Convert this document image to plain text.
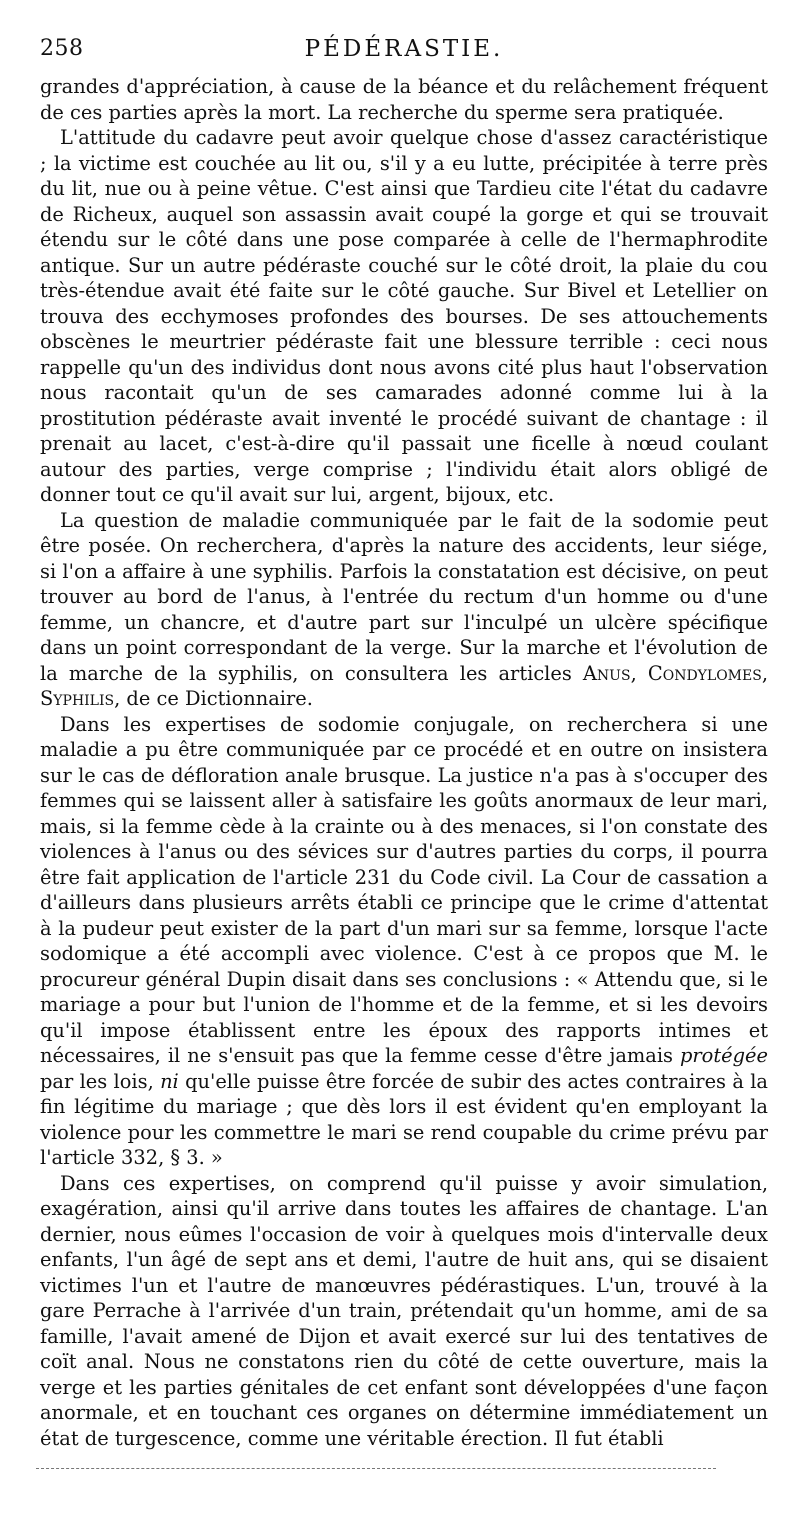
258	PÉDÉRASTIE.

grandes d'appréciation, à cause de la béance et du relâchement fréquent de ces parties après la mort. La recherche du sperme sera pratiquée.

L'attitude du cadavre peut avoir quelque chose d'assez caractéristique ; la victime est couchée au lit ou, s'il y a eu lutte, précipitée à terre près du lit, nue ou à peine vêtue. C'est ainsi que Tardieu cite l'état du cadavre de Richeux, auquel son assassin avait coupé la gorge et qui se trouvait étendu sur le côté dans une pose comparée à celle de l'hermaphrodite antique. Sur un autre pédéraste couché sur le côté droit, la plaie du cou très-étendue avait été faite sur le côté gauche. Sur Bivel et Letellier on trouva des ecchymoses profondes des bourses. De ses attouchements obscènes le meurtrier pédéraste fait une blessure terrible : ceci nous rappelle qu'un des individus dont nous avons cité plus haut l'observation nous racontait qu'un de ses camarades adonné comme lui à la prostitution pédéraste avait inventé le procédé suivant de chantage : il prenait au lacet, c'est-à-dire qu'il passait une ficelle à nœud coulant autour des parties, verge comprise ; l'individu était alors obligé de donner tout ce qu'il avait sur lui, argent, bijoux, etc.

La question de maladie communiquée par le fait de la sodomie peut être posée. On recherchera, d'après la nature des accidents, leur siége, si l'on a affaire à une syphilis. Parfois la constatation est décisive, on peut trouver au bord de l'anus, à l'entrée du rectum d'un homme ou d'une femme, un chancre, et d'autre part sur l'inculpé un ulcère spécifique dans un point correspondant de la verge. Sur la marche et l'évolution de la marche de la syphilis, on consultera les articles Anus, Condylomes, Syphilis, de ce Dictionnaire.

Dans les expertises de sodomie conjugale, on recherchera si une maladie a pu être communiquée par ce procédé et en outre on insistera sur le cas de défloration anale brusque. La justice n'a pas à s'occuper des femmes qui se laissent aller à satisfaire les goûts anormaux de leur mari, mais, si la femme cède à la crainte ou à des menaces, si l'on constate des violences à l'anus ou des sévices sur d'autres parties du corps, il pourra être fait application de l'article 231 du Code civil. La Cour de cassation a d'ailleurs dans plusieurs arrêts établi ce principe que le crime d'attentat à la pudeur peut exister de la part d'un mari sur sa femme, lorsque l'acte sodomique a été accompli avec violence. C'est à ce propos que M. le procureur général Dupin disait dans ses conclusions : « Attendu que, si le mariage a pour but l'union de l'homme et de la femme, et si les devoirs qu'il impose établissent entre les époux des rapports intimes et nécessaires, il ne s'ensuit pas que la femme cesse d'être jamais protégée par les lois, ni qu'elle puisse être forcée de subir des actes contraires à la fin légitime du mariage ; que dès lors il est évident qu'en employant la violence pour les commettre le mari se rend coupable du crime prévu par l'article 332, § 3. »

Dans ces expertises, on comprend qu'il puisse y avoir simulation, exagération, ainsi qu'il arrive dans toutes les affaires de chantage. L'an dernier, nous eûmes l'occasion de voir à quelques mois d'intervalle deux enfants, l'un âgé de sept ans et demi, l'autre de huit ans, qui se disaient victimes l'un et l'autre de manœuvres pédérastiques. L'un, trouvé à la gare Perrache à l'arrivée d'un train, prétendait qu'un homme, ami de sa famille, l'avait amené de Dijon et avait exercé sur lui des tentatives de coït anal. Nous ne constatons rien du côté de cette ouverture, mais la verge et les parties génitales de cet enfant sont développées d'une façon anormale, et en touchant ces organes on détermine immédiatement un état de turgescence, comme une véritable érection. Il fut établi
